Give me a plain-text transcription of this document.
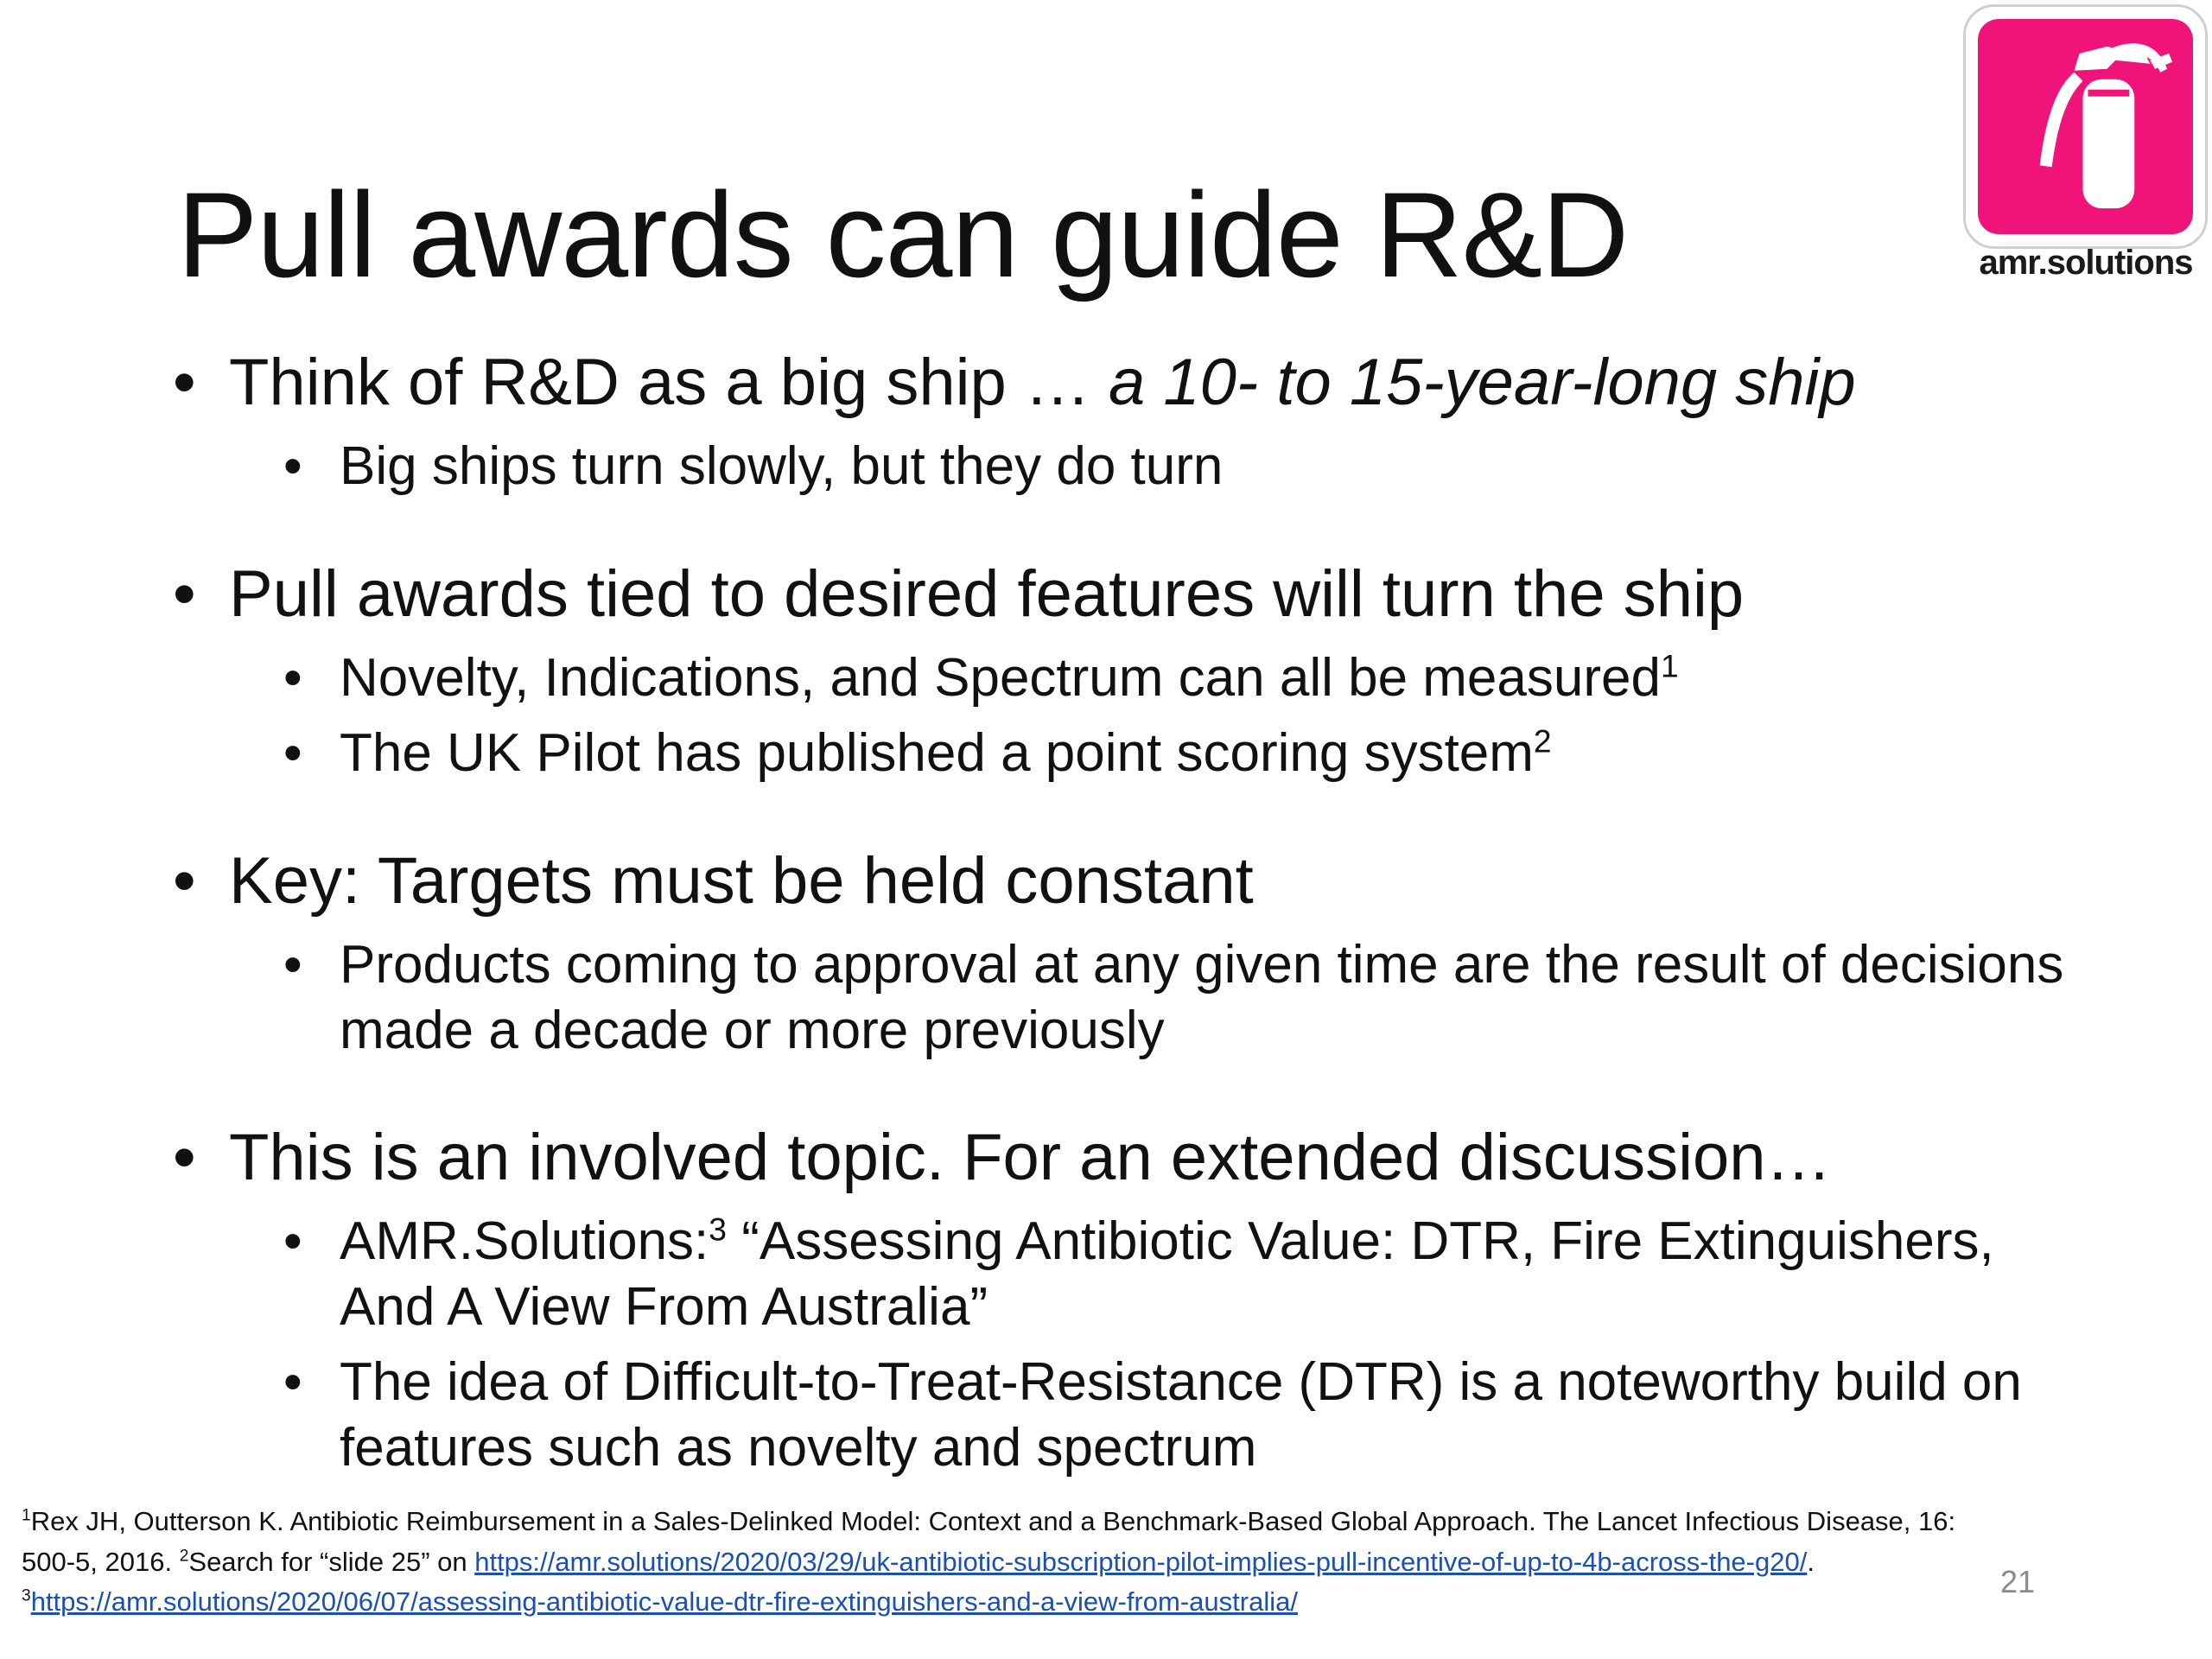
Pull awards can guide R&D	amr.solutions
• Think of R&D as a big ship … a 10- to 15-year-long ship
• Big ships turn slowly, but they do turn
• Pull awards tied to desired features will turn the ship
• Novelty, Indications, and Spectrum can all be measured$^1$
• The UK Pilot has published a point scoring system$^2$
• Key: Targets must be held constant
• Products coming to approval at any given time are the result of decisions made a decade or more previously
• This is an involved topic. For an extended discussion…
• AMR.Solutions:$^3$ “Assessing Antibiotic Value: DTR, Fire Extinguishers, And A View From Australia”
• The idea of Difficult-to-Treat-Resistance (DTR) is a noteworthy build on features such as novelty and spectrum
$^1$Rex JH, Outterson K. Antibiotic Reimbursement in a Sales-Delinked Model: Context and a Benchmark-Based Global Approach. The Lancet Infectious Disease, 16: 500-5, 2016. $^2$Search for “slide 25” on https://amr.solutions/2020/03/29/uk-antibiotic-subscription-pilot-implies-pull-incentive-of-up-to-4b-across-the-g20/. $^3$https://amr.solutions/2020/06/07/assessing-antibiotic-value-dtr-fire-extinguishers-and-a-view-from-australia/
21
